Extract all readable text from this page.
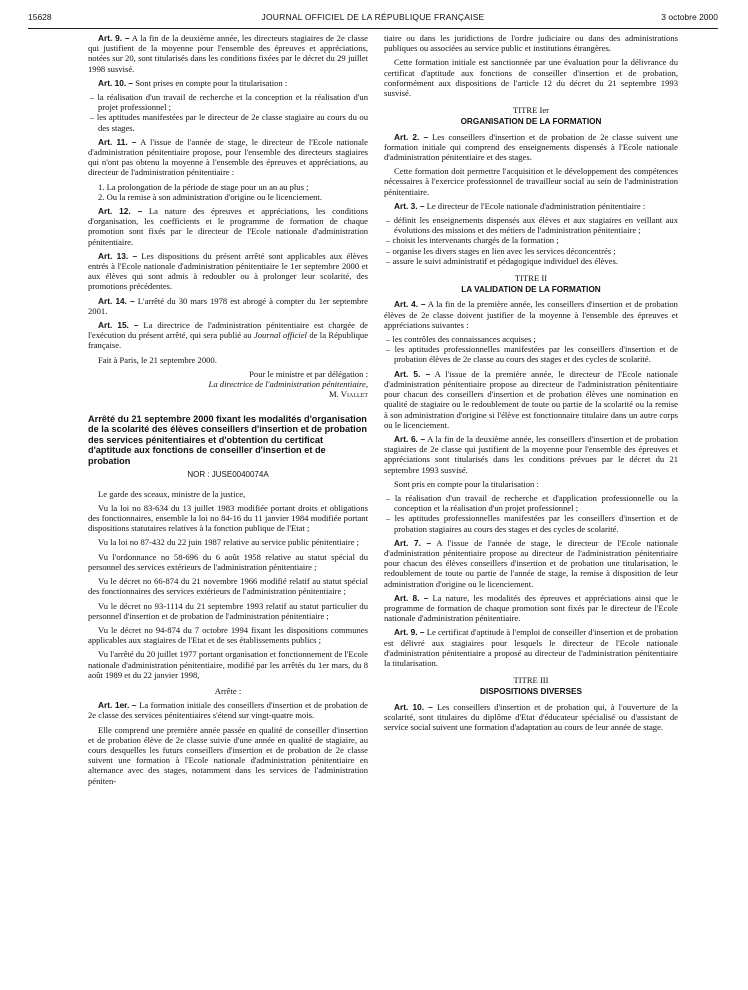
15628	JOURNAL OFFICIEL DE LA RÉPUBLIQUE FRANÇAISE	3 octobre 2000

Art. 9. – A la fin de la deuxième année, les directeurs stagiaires de 2e classe qui justifient de la moyenne pour l'ensemble des épreuves et appréciations, notées sur 20, sont titularisés dans les conditions fixées par le décret du 29 juillet 1998 susvisé.

Art. 10. – Sont prises en compte pour la titularisation :

– la réalisation d'un travail de recherche et la conception et la réalisation d'un projet professionnel ;
– les aptitudes manifestées par le directeur de 2e classe stagiaire au cours du ou des stages.

Art. 11. – A l'issue de l'année de stage, le directeur de l'Ecole nationale d'administration pénitentiaire propose, pour l'ensemble des directeurs stagiaires qui n'ont pas obtenu la moyenne à l'ensemble des épreuves et appréciations, au directeur de l'administration pénitentiaire :

1. La prolongation de la période de stage pour un an au plus ;
2. Ou la remise à son administration d'origine ou le licenciement.

Art. 12. – La nature des épreuves et appréciations, les conditions d'organisation, les coefficients et le programme de formation de chaque promotion sont fixés par le directeur de l'Ecole nationale d'administration pénitentiaire.

Art. 13. – Les dispositions du présent arrêté sont applicables aux élèves entrés à l'Ecole nationale d'administration pénitentiaire le 1er septembre 2000 et aux élèves qui sont admis à redoubler ou à prolonger leur scolarité, des promotions précédentes.

Art. 14. – L'arrêté du 30 mars 1978 est abrogé à compter du 1er septembre 2001.

Art. 15. – La directrice de l'administration pénitentiaire est chargée de l'exécution du présent arrêté, qui sera publié au Journal officiel de la République française.

Fait à Paris, le 21 septembre 2000.

Pour le ministre et par délégation :

La directrice de l'administration pénitentiaire,

M. Viallet

Arrêté du 21 septembre 2000 fixant les modalités d'organisation de la scolarité des élèves conseillers d'insertion et de probation des services pénitentiaires et d'obtention du certificat d'aptitude aux fonctions de conseiller d'insertion et de probation

NOR : JUSE0040074A

Le garde des sceaux, ministre de la justice,

Vu la loi no 83-634 du 13 juillet 1983 modifiée portant droits et obligations des fonctionnaires, ensemble la loi no 84-16 du 11 janvier 1984 modifiée portant dispositions statutaires relatives à la fonction publique de l'Etat ;

Vu la loi no 87-432 du 22 juin 1987 relative au service public pénitentiaire ;

Vu l'ordonnance no 58-696 du 6 août 1958 relative au statut spécial du personnel des services extérieurs de l'administration pénitentiaire ;

Vu le décret no 66-874 du 21 novembre 1966 modifié relatif au statut spécial des fonctionnaires des services extérieurs de l'administration pénitentiaire ;

Vu le décret no 93-1114 du 21 septembre 1993 relatif au statut particulier du personnel d'insertion et de probation de l'administration pénitentiaire ;

Vu le décret no 94-874 du 7 octobre 1994 fixant les dispositions communes applicables aux stagiaires de l'Etat et de ses établissements publics ;

Vu l'arrêté du 20 juillet 1977 portant organisation et fonctionnement de l'Ecole nationale d'administration pénitentiaire, modifié par les arrêtés du 1er mars, du 8 août 1989 et du 22 janvier 1998,

Arrête :

Art. 1er. – La formation initiale des conseillers d'insertion et de probation de 2e classe des services pénitentiaires s'étend sur vingt-quatre mois.

Elle comprend une première année passée en qualité de conseiller d'insertion et de probation élève de 2e classe suivie d'une année en qualité de stagiaire, au cours desquelles les futurs conseillers d'insertion et de probation de 2e classe suivent une formation à l'Ecole nationale d'administration pénitentiaire en alternance avec des stages, notamment dans les services de l'administration péniten-

tiaire ou dans les juridictions de l'ordre judiciaire ou dans des administrations publiques ou associées au service public et institutions étrangères.

Cette formation initiale est sanctionnée par une évaluation pour la délivrance du certificat d'aptitude aux fonctions de conseiller d'insertion et de probation, conformément aux dispositions de l'article 12 du décret du 21 septembre 1993 susvisé.

TITRE Ier

ORGANISATION DE LA FORMATION

Art. 2. – Les conseillers d'insertion et de probation de 2e classe suivent une formation initiale qui comprend des enseignements dispensés à l'Ecole nationale d'administration pénitentiaire et des stages.

Cette formation doit permettre l'acquisition et le développement des compétences nécessaires à l'exercice professionnel de travailleur social au sein de l'administration pénitentiaire.

Art. 3. – Le directeur de l'Ecole nationale d'administration pénitentiaire :

– définit les enseignements dispensés aux élèves et aux stagiaires en veillant aux évolutions des missions et des métiers de l'administration pénitentiaire ;
– choisit les intervenants chargés de la formation ;
– organise les divers stages en lien avec les services déconcentrés ;
– assure le suivi administratif et pédagogique individuel des élèves.

TITRE II

LA VALIDATION DE LA FORMATION

Art. 4. – A la fin de la première année, les conseillers d'insertion et de probation élèves de 2e classe doivent justifier de la moyenne à l'ensemble des épreuves et appréciations suivantes :

– les contrôles des connaissances acquises ;
– les aptitudes professionnelles manifestées par les conseillers d'insertion et de probation élèves de 2e classe au cours des stages et des cycles de scolarité.

Art. 5. – A l'issue de la première année, le directeur de l'Ecole nationale d'administration pénitentiaire propose au directeur de l'administration pénitentiaire pour chacun des conseillers d'insertion et de probation élèves une nomination en qualité de stagiaire ou le redoublement de toute ou partie de la scolarité ou la remise à son administration d'origine si l'élève est fonctionnaire titulaire dans un autre corps ou le licenciement.

Art. 6. – A la fin de la deuxième année, les conseillers d'insertion et de probation stagiaires de 2e classe qui justifient de la moyenne pour l'ensemble des épreuves et appréciations sont titularisés dans les conditions prévues par le décret du 21 septembre 1993 susvisé.

Sont pris en compte pour la titularisation :

– la réalisation d'un travail de recherche et d'application professionnelle ou la conception et la réalisation d'un projet professionnel ;
– les aptitudes professionnelles manifestées par les conseillers d'insertion et de probation stagiaires au cours des stages et des cycles de scolarité.

Art. 7. – A l'issue de l'année de stage, le directeur de l'Ecole nationale d'administration pénitentiaire propose au directeur de l'administration pénitentiaire pour chacun des élèves conseillers d'insertion et de probation une titularisation, le redoublement de toute ou partie de l'année de stage, la remise à disposition de leur administration d'origine ou le licenciement.

Art. 8. – La nature, les modalités des épreuves et appréciations ainsi que le programme de formation de chaque promotion sont fixés par le directeur de l'Ecole nationale d'administration pénitentiaire.

Art. 9. – Le certificat d'aptitude à l'emploi de conseiller d'insertion et de probation est délivré aux stagiaires pour lesquels le directeur de l'Ecole nationale d'administration pénitentiaire a proposé au directeur de l'administration pénitentiaire la titularisation.

TITRE III

DISPOSITIONS DIVERSES

Art. 10. – Les conseillers d'insertion et de probation qui, à l'ouverture de la scolarité, sont titulaires du diplôme d'Etat d'éducateur spécialisé ou d'assistant de service social suivent une formation d'adaptation au cours de leur année de stage.
